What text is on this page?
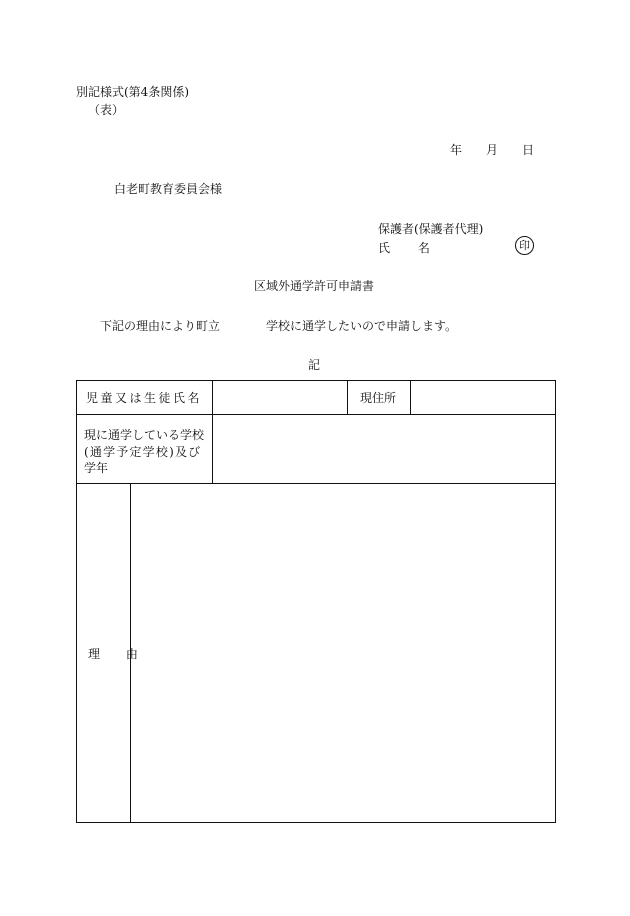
別記様式(第4条関係)
（表）
年 月 日
白老町教育委員会様
保護者(保護者代理)
氏 名	印
区域外通学許可申請書
下記の理由により町立	学校に通学したいので申請します。
記
児童又は生徒氏名	現住所
現に通学している学校
(通学予定学校)及び
学年
理 由
